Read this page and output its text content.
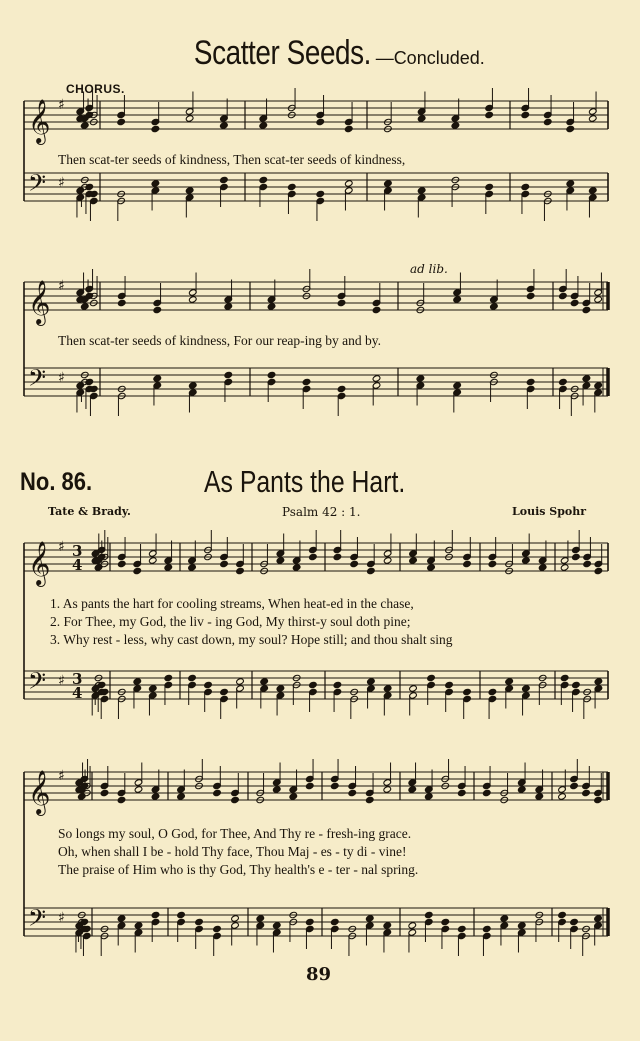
Scatter Seeds. —Concluded.
CHORUS.
𝄞
𝄢
♯
♯
𝄞
𝄢
♯
♯
𝄞
𝄢
♯
♯
3
4
3
4
𝄞
𝄢
♯
♯
Then scat-ter seeds of kindness, Then scat-ter seeds of kindness,
ad lib.
Then scat-ter seeds of kindness, For our reap-ing by and by.
No. 86.	As Pants the Hart.
Tate & Brady.	Psalm 42 : 1.	Louis Spohr
1. As pants the hart for cooling streams, When heat-ed in the chase,
2. For Thee, my God, the liv - ing God, My thirst-y soul doth pine;
3. Why rest - less, why cast down, my soul? Hope still; and thou shalt sing
So longs my soul, O God, for Thee, And Thy re - fresh-ing grace.
Oh, when shall I be - hold Thy face, Thou Maj - es - ty di - vine!
The praise of Him who is thy God, Thy health's e - ter - nal spring.
89
